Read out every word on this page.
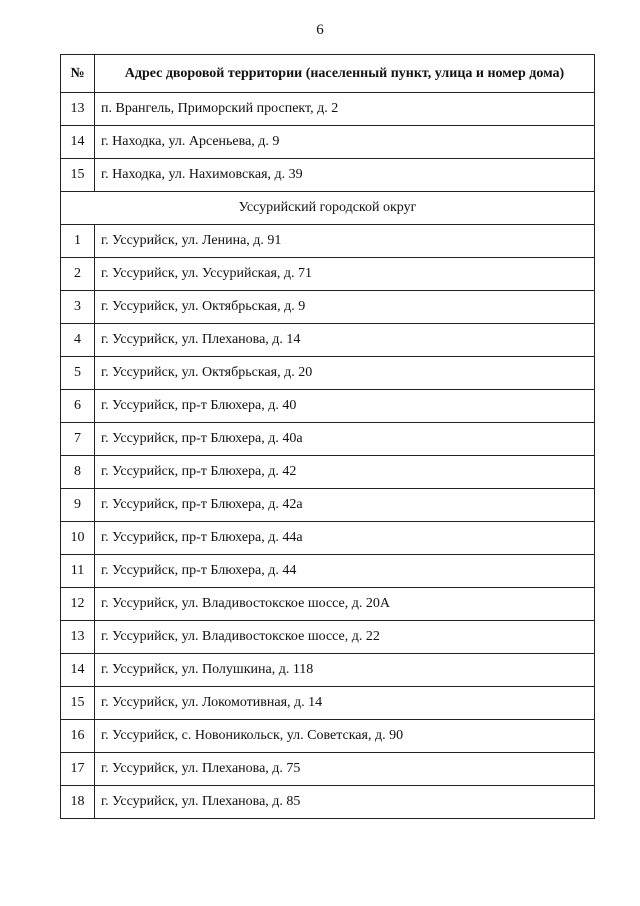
6
№	Адрес дворовой территории (населенный пункт, улица и номер дома)
13	п. Врангель, Приморский проспект, д. 2
14	г. Находка, ул. Арсеньева, д. 9
15	г. Находка, ул. Нахимовская, д. 39
Уссурийский городской округ	
1	г. Уссурийск, ул. Ленина, д. 91
2	г. Уссурийск, ул. Уссурийская, д. 71
3	г. Уссурийск, ул. Октябрьская, д. 9
4	г. Уссурийск, ул. Плеханова, д. 14
5	г. Уссурийск, ул. Октябрьская, д. 20
6	г. Уссурийск, пр-т Блюхера, д. 40
7	г. Уссурийск, пр-т Блюхера, д. 40а
8	г. Уссурийск, пр-т Блюхера, д. 42
9	г. Уссурийск, пр-т Блюхера, д. 42а
10	г. Уссурийск, пр-т Блюхера, д. 44а
11	г. Уссурийск, пр-т Блюхера, д. 44
12	г. Уссурийск, ул. Владивостокское шоссе, д. 20А
13	г. Уссурийск, ул. Владивостокское шоссе, д. 22
14	г. Уссурийск, ул. Полушкина, д. 118
15	г. Уссурийск, ул. Локомотивная, д. 14
16	г. Уссурийск, с. Новоникольск, ул. Советская, д. 90
17	г. Уссурийск, ул. Плеханова, д. 75
18	г. Уссурийск, ул. Плеханова, д. 85
